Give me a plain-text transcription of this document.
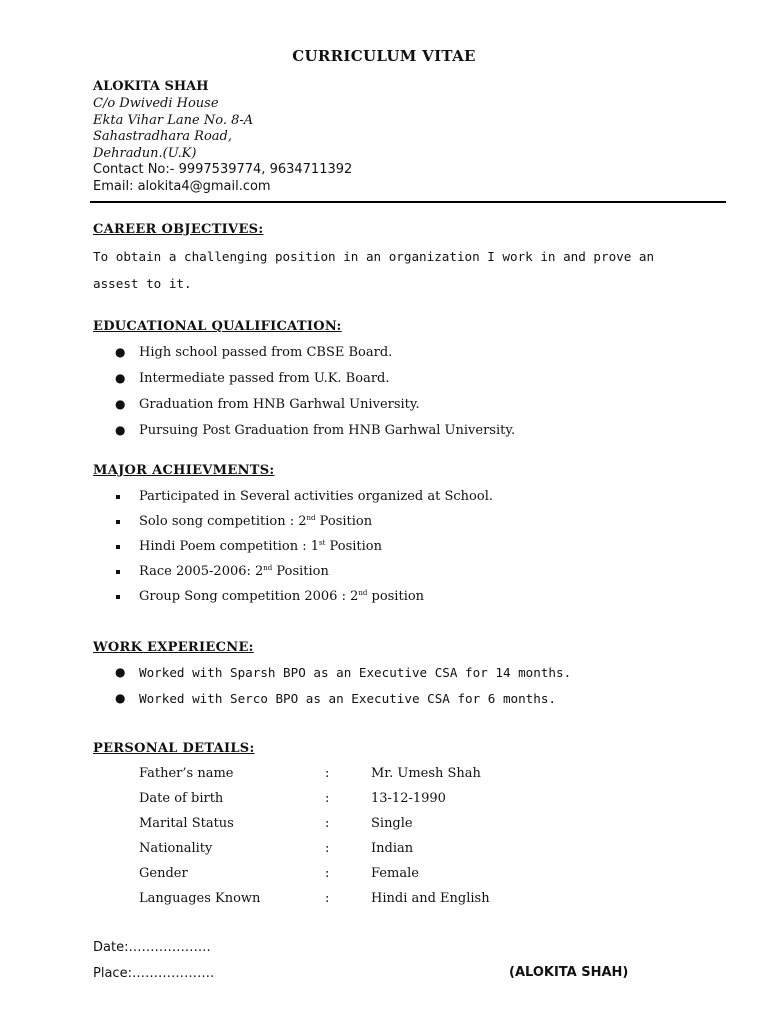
CURRICULUM VITAE
ALOKITA SHAH
C/o Dwivedi House
Ekta Vihar Lane No. 8-A
Sahastradhara Road,
Dehradun.(U.K)
Contact No:- 9997539774, 9634711392
Email: alokita4@gmail.com
CAREER OBJECTIVES:
To obtain a challenging position in an organization I work in and prove an
assest to it.
EDUCATIONAL QUALIFICATION:
● High school passed from CBSE Board.
● Intermediate passed from U.K. Board.
● Graduation from HNB Garhwal University.
● Pursuing Post Graduation from HNB Garhwal University.
MAJOR ACHIEVMENTS:
Participated in Several activities organized at School.
Solo song competition : 2nd Position
Hindi Poem competition : 1st Position
Race 2005-2006: 2nd Position
Group Song competition 2006 : 2nd position
WORK EXPERIECNE:
● Worked with Sparsh BPO as an Executive CSA for 14 months.
● Worked with Serco BPO as an Executive CSA for 6 months.
PERSONAL DETAILS:
Father’s name	:	Mr. Umesh Shah
Date of birth	:	13-12-1990
Marital Status	:	Single
Nationality	:	Indian
Gender	:	Female
Languages Known	:	Hindi and English
Date:……………….
Place:……………….	(ALOKITA SHAH)
